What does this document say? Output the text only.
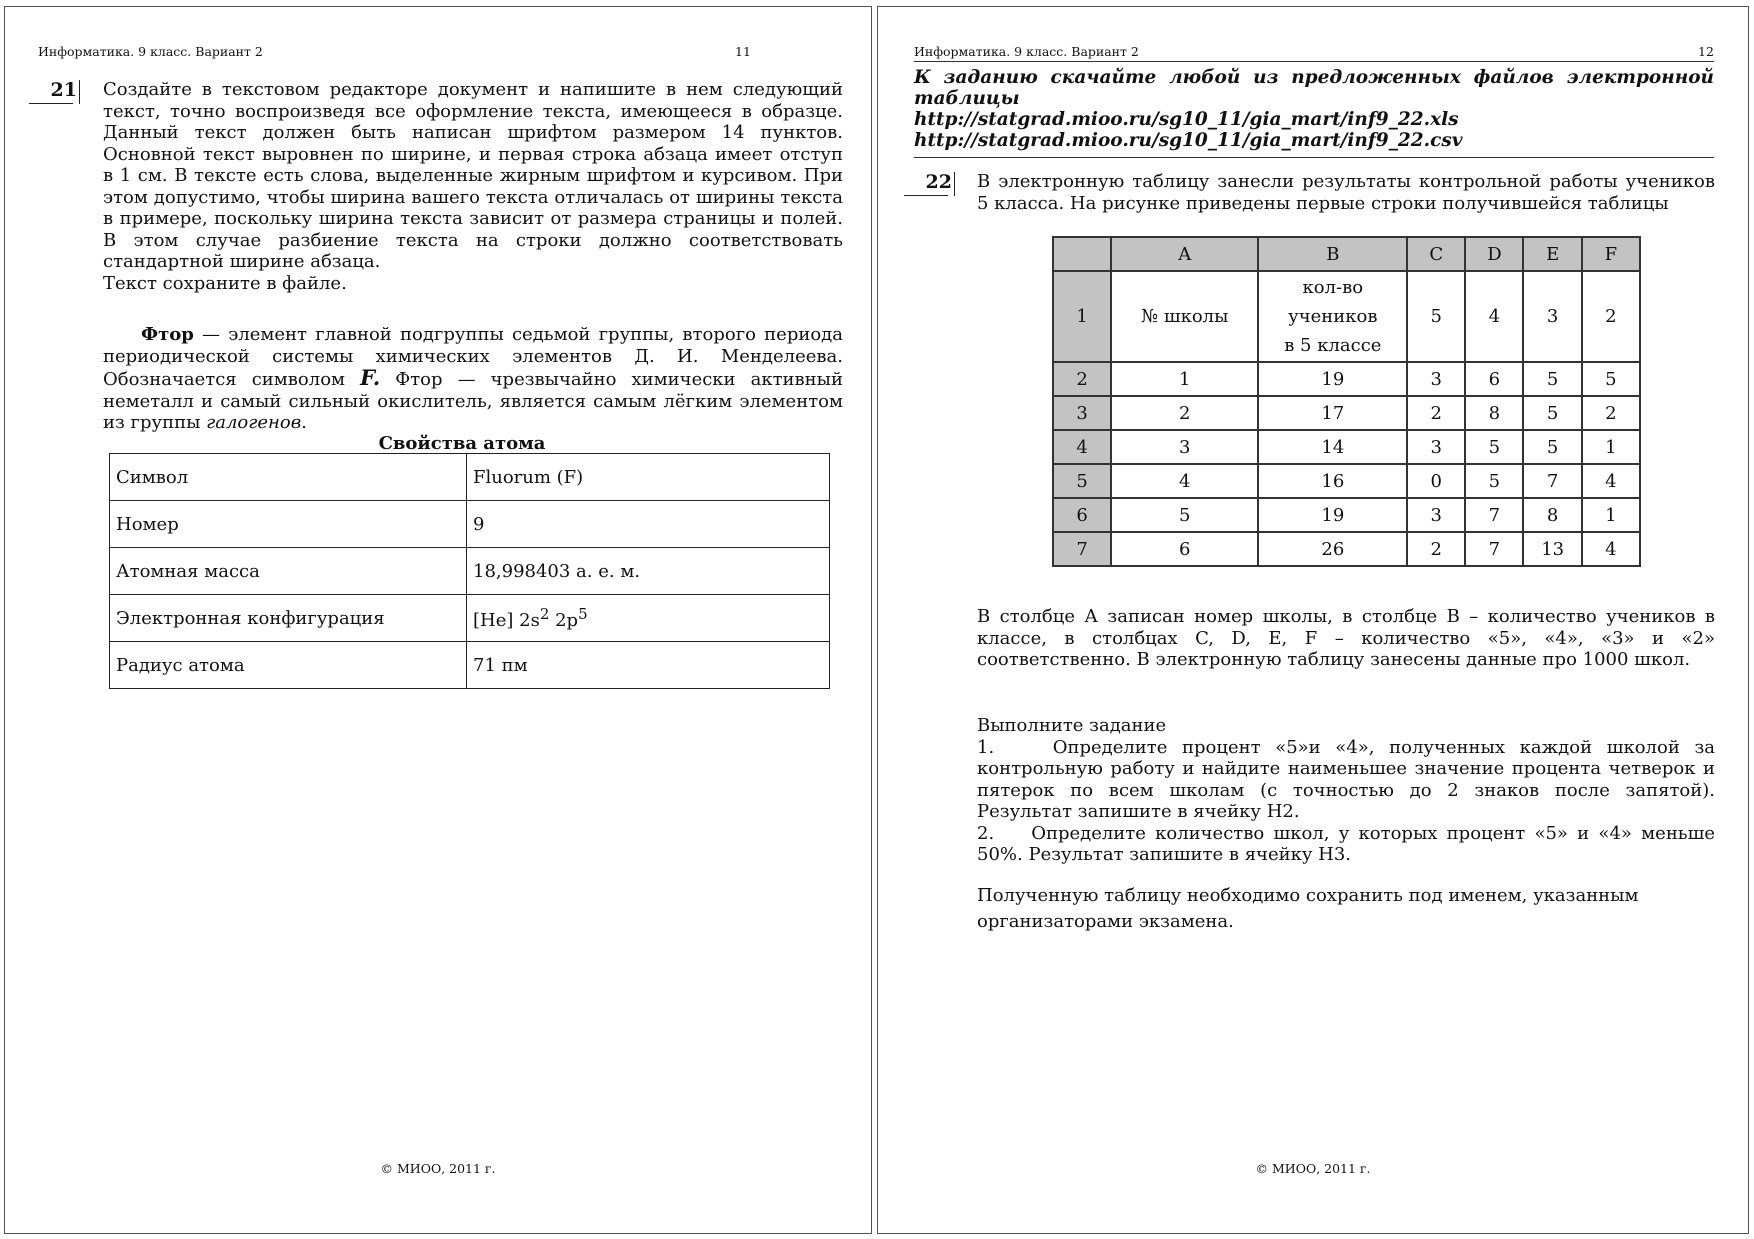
Информатика. 9 класс. Вариант 2	11
21 Создайте в текстовом редакторе документ и напишите в нем следующий текст, точно воспроизведя все оформление текста, имеющееся в образце. Данный текст должен быть написан шрифтом размером 14 пунктов. Основной текст выровнен по ширине, и первая строка абзаца имеет отступ в 1 см. В тексте есть слова, выделенные жирным шрифтом и курсивом. При этом допустимо, чтобы ширина вашего текста отличалась от ширины текста в примере, поскольку ширина текста зависит от размера страницы и полей. В этом случае разбиение текста на строки должно соответствовать стандартной ширине абзаца.

Текст сохраните в файле.

Фтор — элемент главной подгруппы седьмой группы, второго периода периодической системы химических элементов Д. И. Менделеева. Обозначается символом F. Фтор — чрезвычайно химически активный неметалл и самый сильный окислитель, является самым лёгким элементом из группы галогенов.

Свойства атома
Символ	Fluorum (F)
Номер	9
Атомная масса	18,998403 а. е. м.
Электронная конфигурация	[He] $2s^2$ $2p^5$
Радиус атома	71 пм
© МИОО, 2011 г.
Информатика. 9 класс. Вариант 2	12

К заданию скачайте любой из предложенных файлов электронной таблицы

http://statgrad.mioo.ru/sg10_11/gia_mart/inf9_22.xls

http://statgrad.mioo.ru/sg10_11/gia_mart/inf9_22.csv

22 В электронную таблицу занесли результаты контрольной работы учеников 5 класса. На рисунке приведены первые строки получившейся таблицы
	A	B	C	D	E	F
1	№ школы	кол-во учеников в 5 классе	5	4	3	2
2	1	19	3	6	5	5
3	2	17	2	8	5	2
4	3	14	3	5	5	1
5	4	16	0	5	7	4
6	5	19	3	7	8	1
7	6	26	2	7	13	4
В столбце А записан номер школы, в столбце В – количество учеников в классе, в столбцах C, D, E, F – количество «5», «4», «3» и «2» соответственно. В электронную таблицу занесены данные про 1000 школ.

Выполните задание

1.	Определите процент «5»и «4», полученных каждой школой за контрольную работу и найдите наименьшее значение процента четверок и пятерок по всем школам (с точностью до 2 знаков после запятой). Результат запишите в ячейку H2.

2. Определите количество школ, у которых процент «5» и «4» меньше 50%. Результат запишите в ячейку H3.

Полученную таблицу необходимо сохранить под именем, указанным организаторами экзамена.
© МИОО, 2011 г.
